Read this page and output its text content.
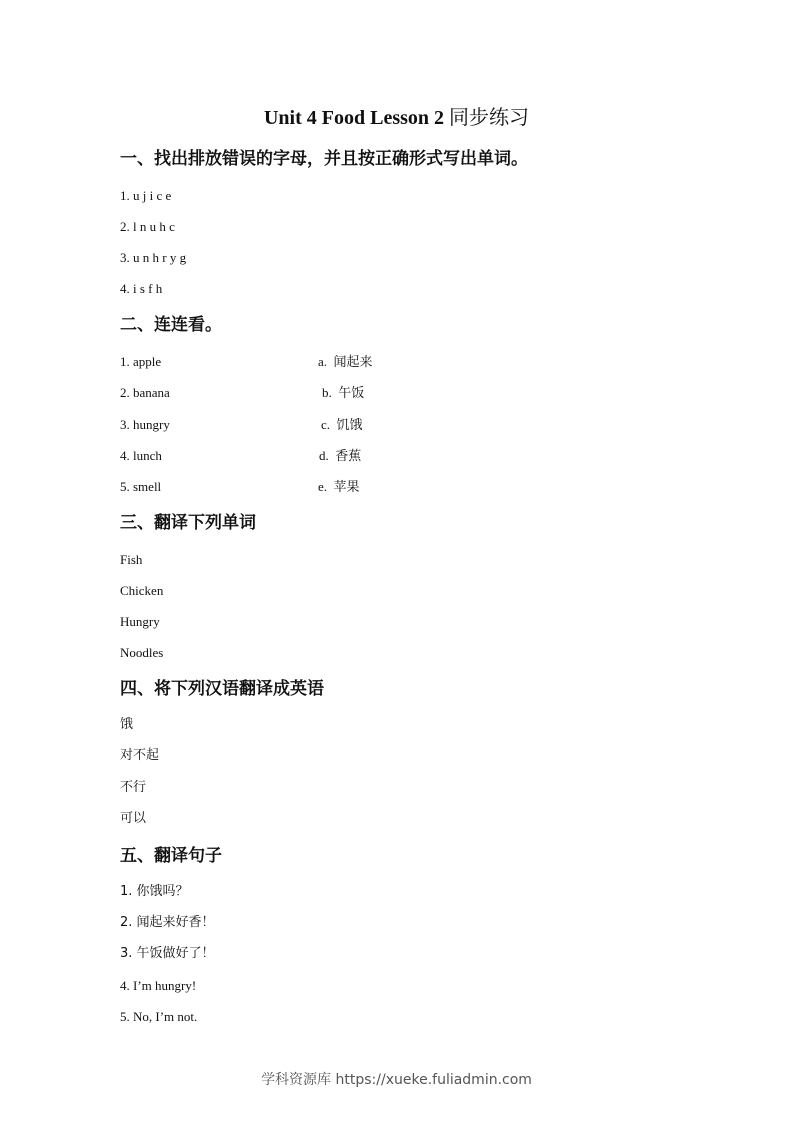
Unit 4 Food Lesson 2 同步练习
一、找出排放错误的字母，并且按正确形式写出单词。
1. u j i c e
2. l n u h c
3. u n h r y g
4. i s f h
二、连连看。
1. apple
2. banana
3. hungry
4. lunch
5. smell
a. 闻起来
b. 午饭
c. 饥饿
d. 香蕉
e. 苹果
三、翻译下列单词
Fish
Chicken
Hungry
Noodles
四、将下列汉语翻译成英语
饿
对不起
不行
可以
五、翻译句子
1. 你饿吗？
2. 闻起来好香！
3. 午饭做好了！
4. I’m hungry!
5. No, I’m not.
学科资源库 https://xueke.fuliadmin.com
